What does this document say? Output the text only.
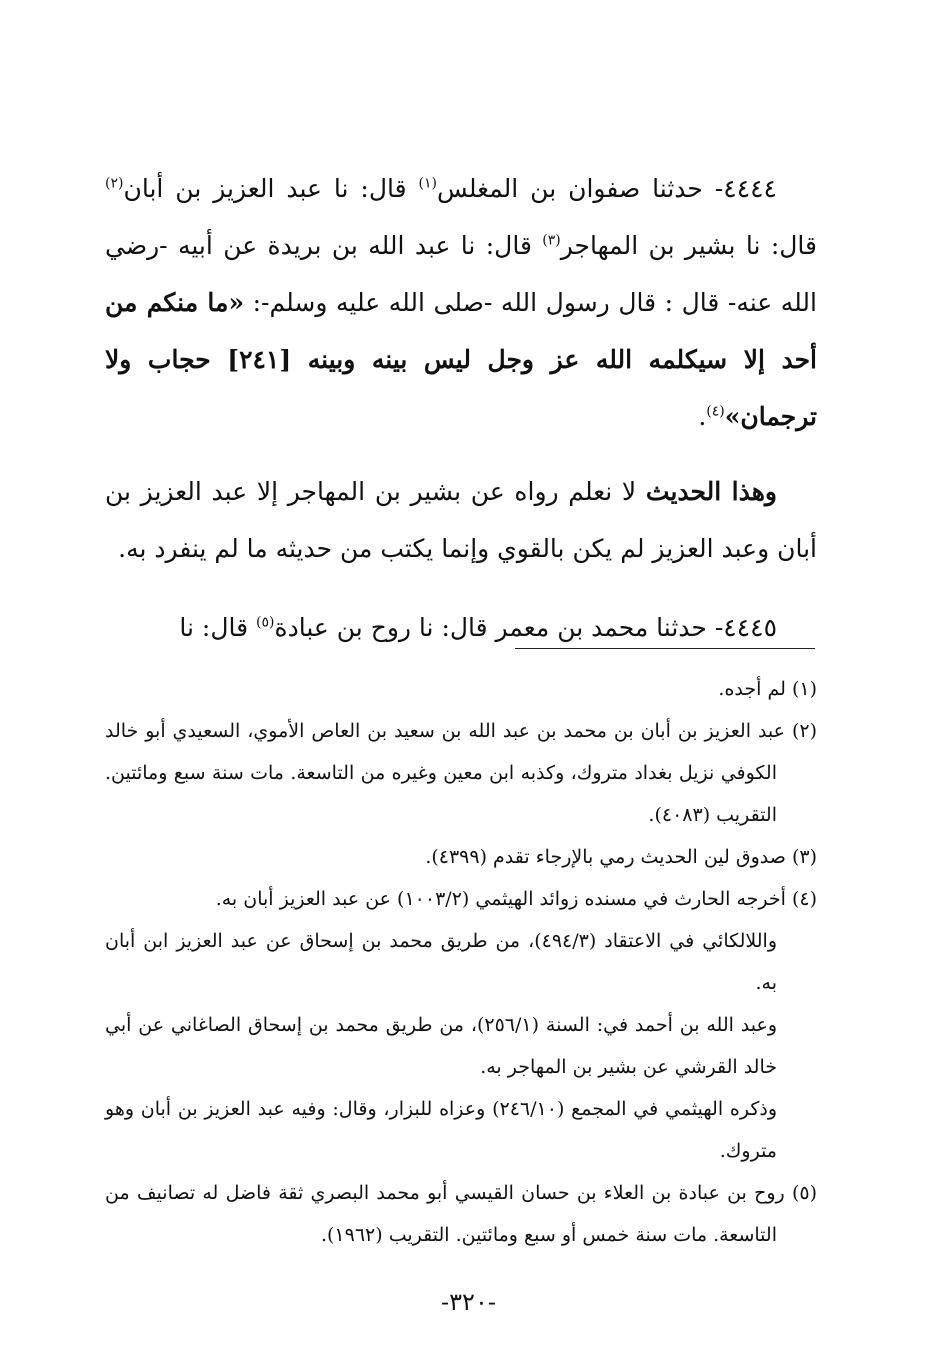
٤٤٤٤- حدثنا صفوان بن المغلس$^{(١)}$ قال: نا عبد العزيز بن أبان$^{(٢)}$ قال: نا بشير بن المهاجر$^{(٣)}$ قال: نا عبد الله بن بريدة عن أبيه -رضي الله عنه- قال : قال رسول الله -صلى الله عليه وسلم-: «ما منكم من أحد إلا سيكلمه الله عز وجل ليس بينه وبينه [٢٤١] حجاب ولا ترجمان»$^{(٤)}$.

وهذا الحديث لا نعلم رواه عن بشير بن المهاجر إلا عبد العزيز بن أبان وعبد العزيز لم يكن بالقوي وإنما يكتب من حديثه ما لم ينفرد به.

٤٤٤٥- حدثنا محمد بن معمر قال: نا روح بن عبادة$^{(٥)}$ قال: نا

(١) لم أجده.
(٢) عبد العزيز بن أبان بن محمد بن عبد الله بن سعيد بن العاص الأموي، السعيدي أبو خالد الكوفي نزيل بغداد متروك، وكذبه ابن معين وغيره من التاسعة. مات سنة سبع ومائتين. التقريب (٤٠٨٣).
(٣) صدوق لين الحديث رمي بالإرجاء تقدم (٤٣٩٩).
(٤) أخرجه الحارث في مسنده زوائد الهيثمي (١٠٠٣/٢) عن عبد العزيز أبان به.
واللالكائي في الاعتقاد (٤٩٤/٣)، من طريق محمد بن إسحاق عن عبد العزيز ابن أبان به.
وعبد الله بن أحمد في: السنة (٢٥٦/١)، من طريق محمد بن إسحاق الصاغاني عن أبي خالد القرشي عن بشير بن المهاجر به.
وذكره الهيثمي في المجمع (٢٤٦/١٠) وعزاه للبزار، وقال: وفيه عبد العزيز بن أبان وهو متروك.
(٥) روح بن عبادة بن العلاء بن حسان القيسي أبو محمد البصري ثقة فاضل له تصانيف من التاسعة. مات سنة خمس أو سبع ومائتين. التقريب (١٩٦٢).
-٣٢٠-
